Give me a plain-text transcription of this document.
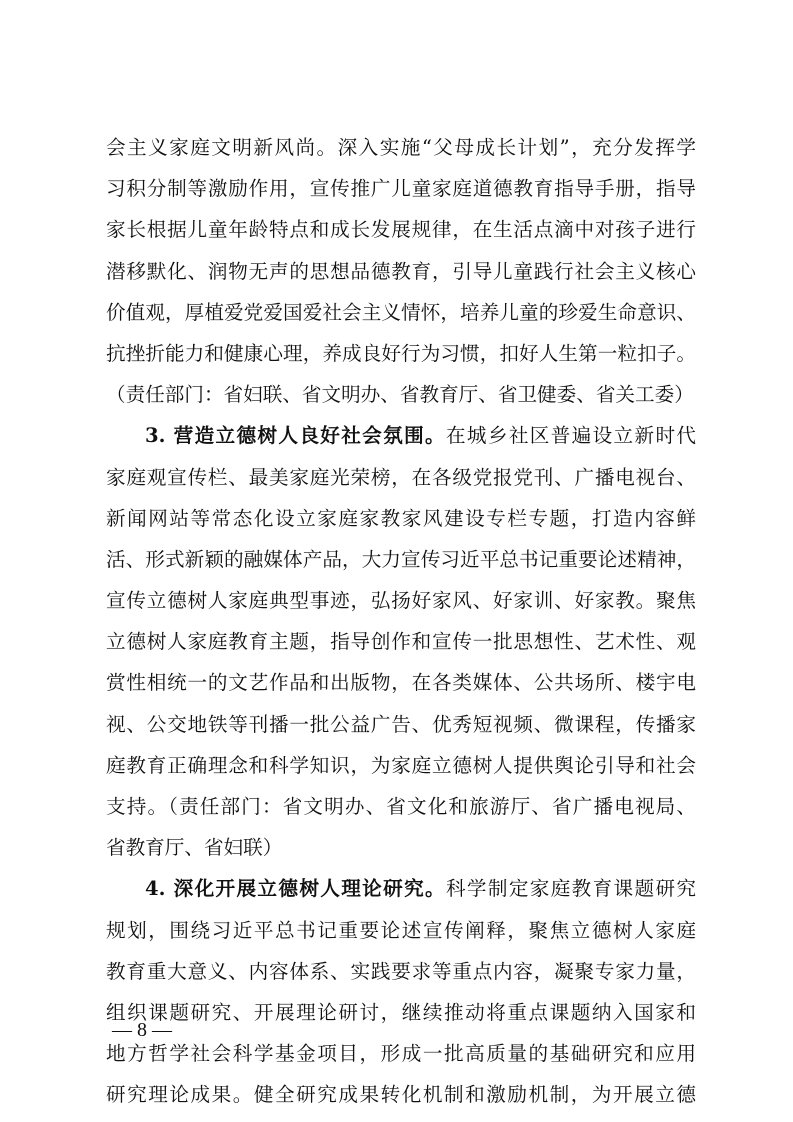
会主义家庭文明新风尚。深入实施“父母成长计划”，充分发挥学
习积分制等激励作用，宣传推广儿童家庭道德教育指导手册，指导
家长根据儿童年龄特点和成长发展规律，在生活点滴中对孩子进行
潜移默化、润物无声的思想品德教育，引导儿童践行社会主义核心
价值观，厚植爱党爱国爱社会主义情怀，培养儿童的珍爱生命意识、
抗挫折能力和健康心理，养成良好行为习惯，扣好人生第一粒扣子。
（责任部门：省妇联、省文明办、省教育厅、省卫健委、省关工委）
3. 营造立德树人良好社会氛围。在城乡社区普遍设立新时代
家庭观宣传栏、最美家庭光荣榜，在各级党报党刊、广播电视台、
新闻网站等常态化设立家庭家教家风建设专栏专题，打造内容鲜
活、形式新颖的融媒体产品，大力宣传习近平总书记重要论述精神，
宣传立德树人家庭典型事迹，弘扬好家风、好家训、好家教。聚焦
立德树人家庭教育主题，指导创作和宣传一批思想性、艺术性、观
赏性相统一的文艺作品和出版物，在各类媒体、公共场所、楼宇电
视、公交地铁等刊播一批公益广告、优秀短视频、微课程，传播家
庭教育正确理念和科学知识，为家庭立德树人提供舆论引导和社会
支持。（责任部门：省文明办、省文化和旅游厅、省广播电视局、
省教育厅、省妇联）
4. 深化开展立德树人理论研究。科学制定家庭教育课题研究
规划，围绕习近平总书记重要论述宣传阐释，聚焦立德树人家庭
教育重大意义、内容体系、实践要求等重点内容，凝聚专家力量，
组织课题研究、开展理论研讨，继续推动将重点课题纳入国家和
地方哲学社会科学基金项目，形成一批高质量的基础研究和应用
研究理论成果。健全研究成果转化机制和激励机制，为开展立德
— 8 —
